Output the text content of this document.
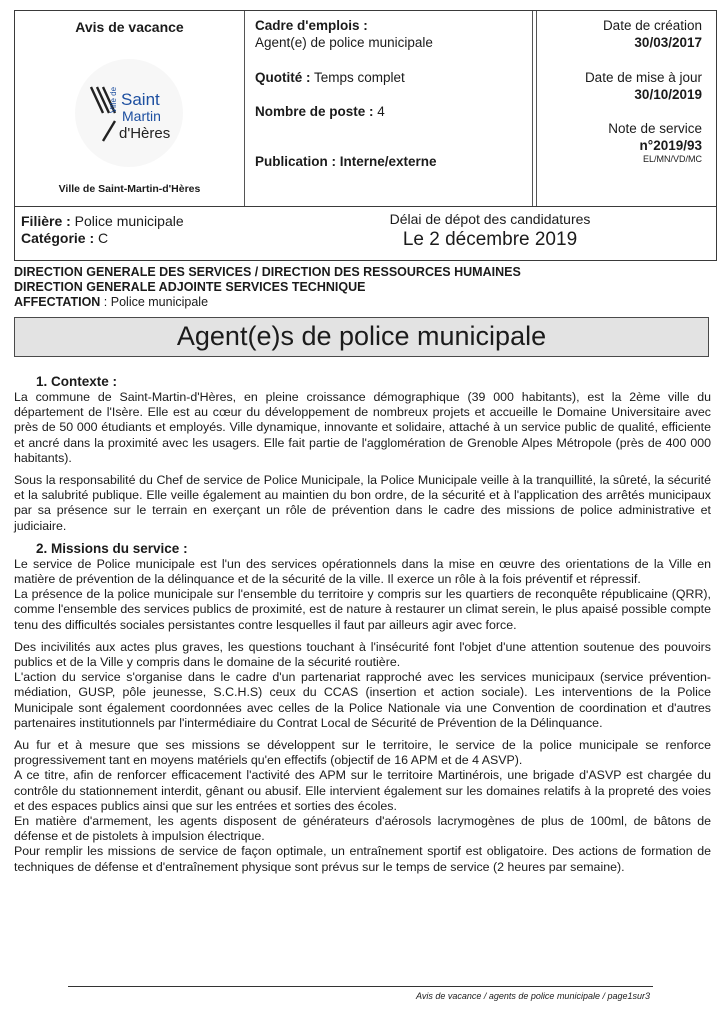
Avis de vacance
Ville de Saint
Martin
d'Hères
Ville de Saint-Martin-d'Hères
Cadre d'emplois :
Agent(e) de police municipale
Quotité : Temps complet
Nombre de poste : 4
Publication : Interne/externe
Date de création
30/03/2017
Date de mise à jour
30/10/2019
Note de service
n°2019/93
EL/MN/VD/MC
Filière : Police municipale
Catégorie : C
Délai de dépot des candidatures
Le 2 décembre 2019
DIRECTION GENERALE DES SERVICES / DIRECTION DES RESSOURCES HUMAINES
DIRECTION GENERALE ADJOINTE SERVICES TECHNIQUE
AFFECTATION : Police municipale
Agent(e)s de police municipale
1. Contexte :

La commune de Saint-Martin-d'Hères, en pleine croissance démographique (39 000 habitants), est la 2ème ville du département de l'Isère. Elle est au cœur du développement de nombreux projets et accueille le Domaine Universitaire avec près de 50 000 étudiants et employés. Ville dynamique, innovante et solidaire, attaché à un service public de qualité, efficiente et ancré dans la proximité avec les usagers. Elle fait partie de l'agglomération de Grenoble Alpes Métropole (près de 400 000 habitants).

Sous la responsabilité du Chef de service de Police Municipale, la Police Municipale veille à la tranquillité, la sûreté, la sécurité et la salubrité publique. Elle veille également au maintien du bon ordre, de la sécurité et à l'application des arrêtés municipaux par sa présence sur le terrain en exerçant un rôle de prévention dans le cadre des missions de police administrative et judiciaire.

2. Missions du service :

Le service de Police municipale est l'un des services opérationnels dans la mise en œuvre des orientations de la Ville en matière de prévention de la délinquance et de la sécurité de la ville. Il exerce un rôle à la fois préventif et répressif.

La présence de la police municipale sur l'ensemble du territoire y compris sur les quartiers de reconquête républicaine (QRR), comme l'ensemble des services publics de proximité, est de nature à restaurer un climat serein, le plus apaisé possible compte tenu des difficultés sociales persistantes contre lesquelles il faut par ailleurs agir avec force.

Des incivilités aux actes plus graves, les questions touchant à l'insécurité font l'objet d'une attention soutenue des pouvoirs publics et de la Ville y compris dans le domaine de la sécurité routière.

L'action du service s'organise dans le cadre d'un partenariat rapproché avec les services municipaux (service prévention-médiation, GUSP, pôle jeunesse, S.C.H.S) ceux du CCAS (insertion et action sociale). Les interventions de la Police Municipale sont également coordonnées avec celles de la Police Nationale via une Convention de coordination et d'autres partenaires institutionnels par l'intermédiaire du Contrat Local de Sécurité de Prévention de la Délinquance.

Au fur et à mesure que ses missions se développent sur le territoire, le service de la police municipale se renforce progressivement tant en moyens matériels qu'en effectifs (objectif de 16 APM et de 4 ASVP).

A ce titre, afin de renforcer efficacement l'activité des APM sur le territoire Martinérois, une brigade d'ASVP est chargée du contrôle du stationnement interdit, gênant ou abusif. Elle intervient également sur les domaines relatifs à la propreté des voies et des espaces publics ainsi que sur les entrées et sorties des écoles.

En matière d'armement, les agents disposent de générateurs d'aérosols lacrymogènes de plus de 100ml, de bâtons de défense et de pistolets à impulsion électrique.

Pour remplir les missions de service de façon optimale, un entraînement sportif est obligatoire. Des actions de formation de techniques de défense et d'entraînement physique sont prévus sur le temps de service (2 heures par semaine).

Avis de vacance / agents de police municipale / page1sur3
